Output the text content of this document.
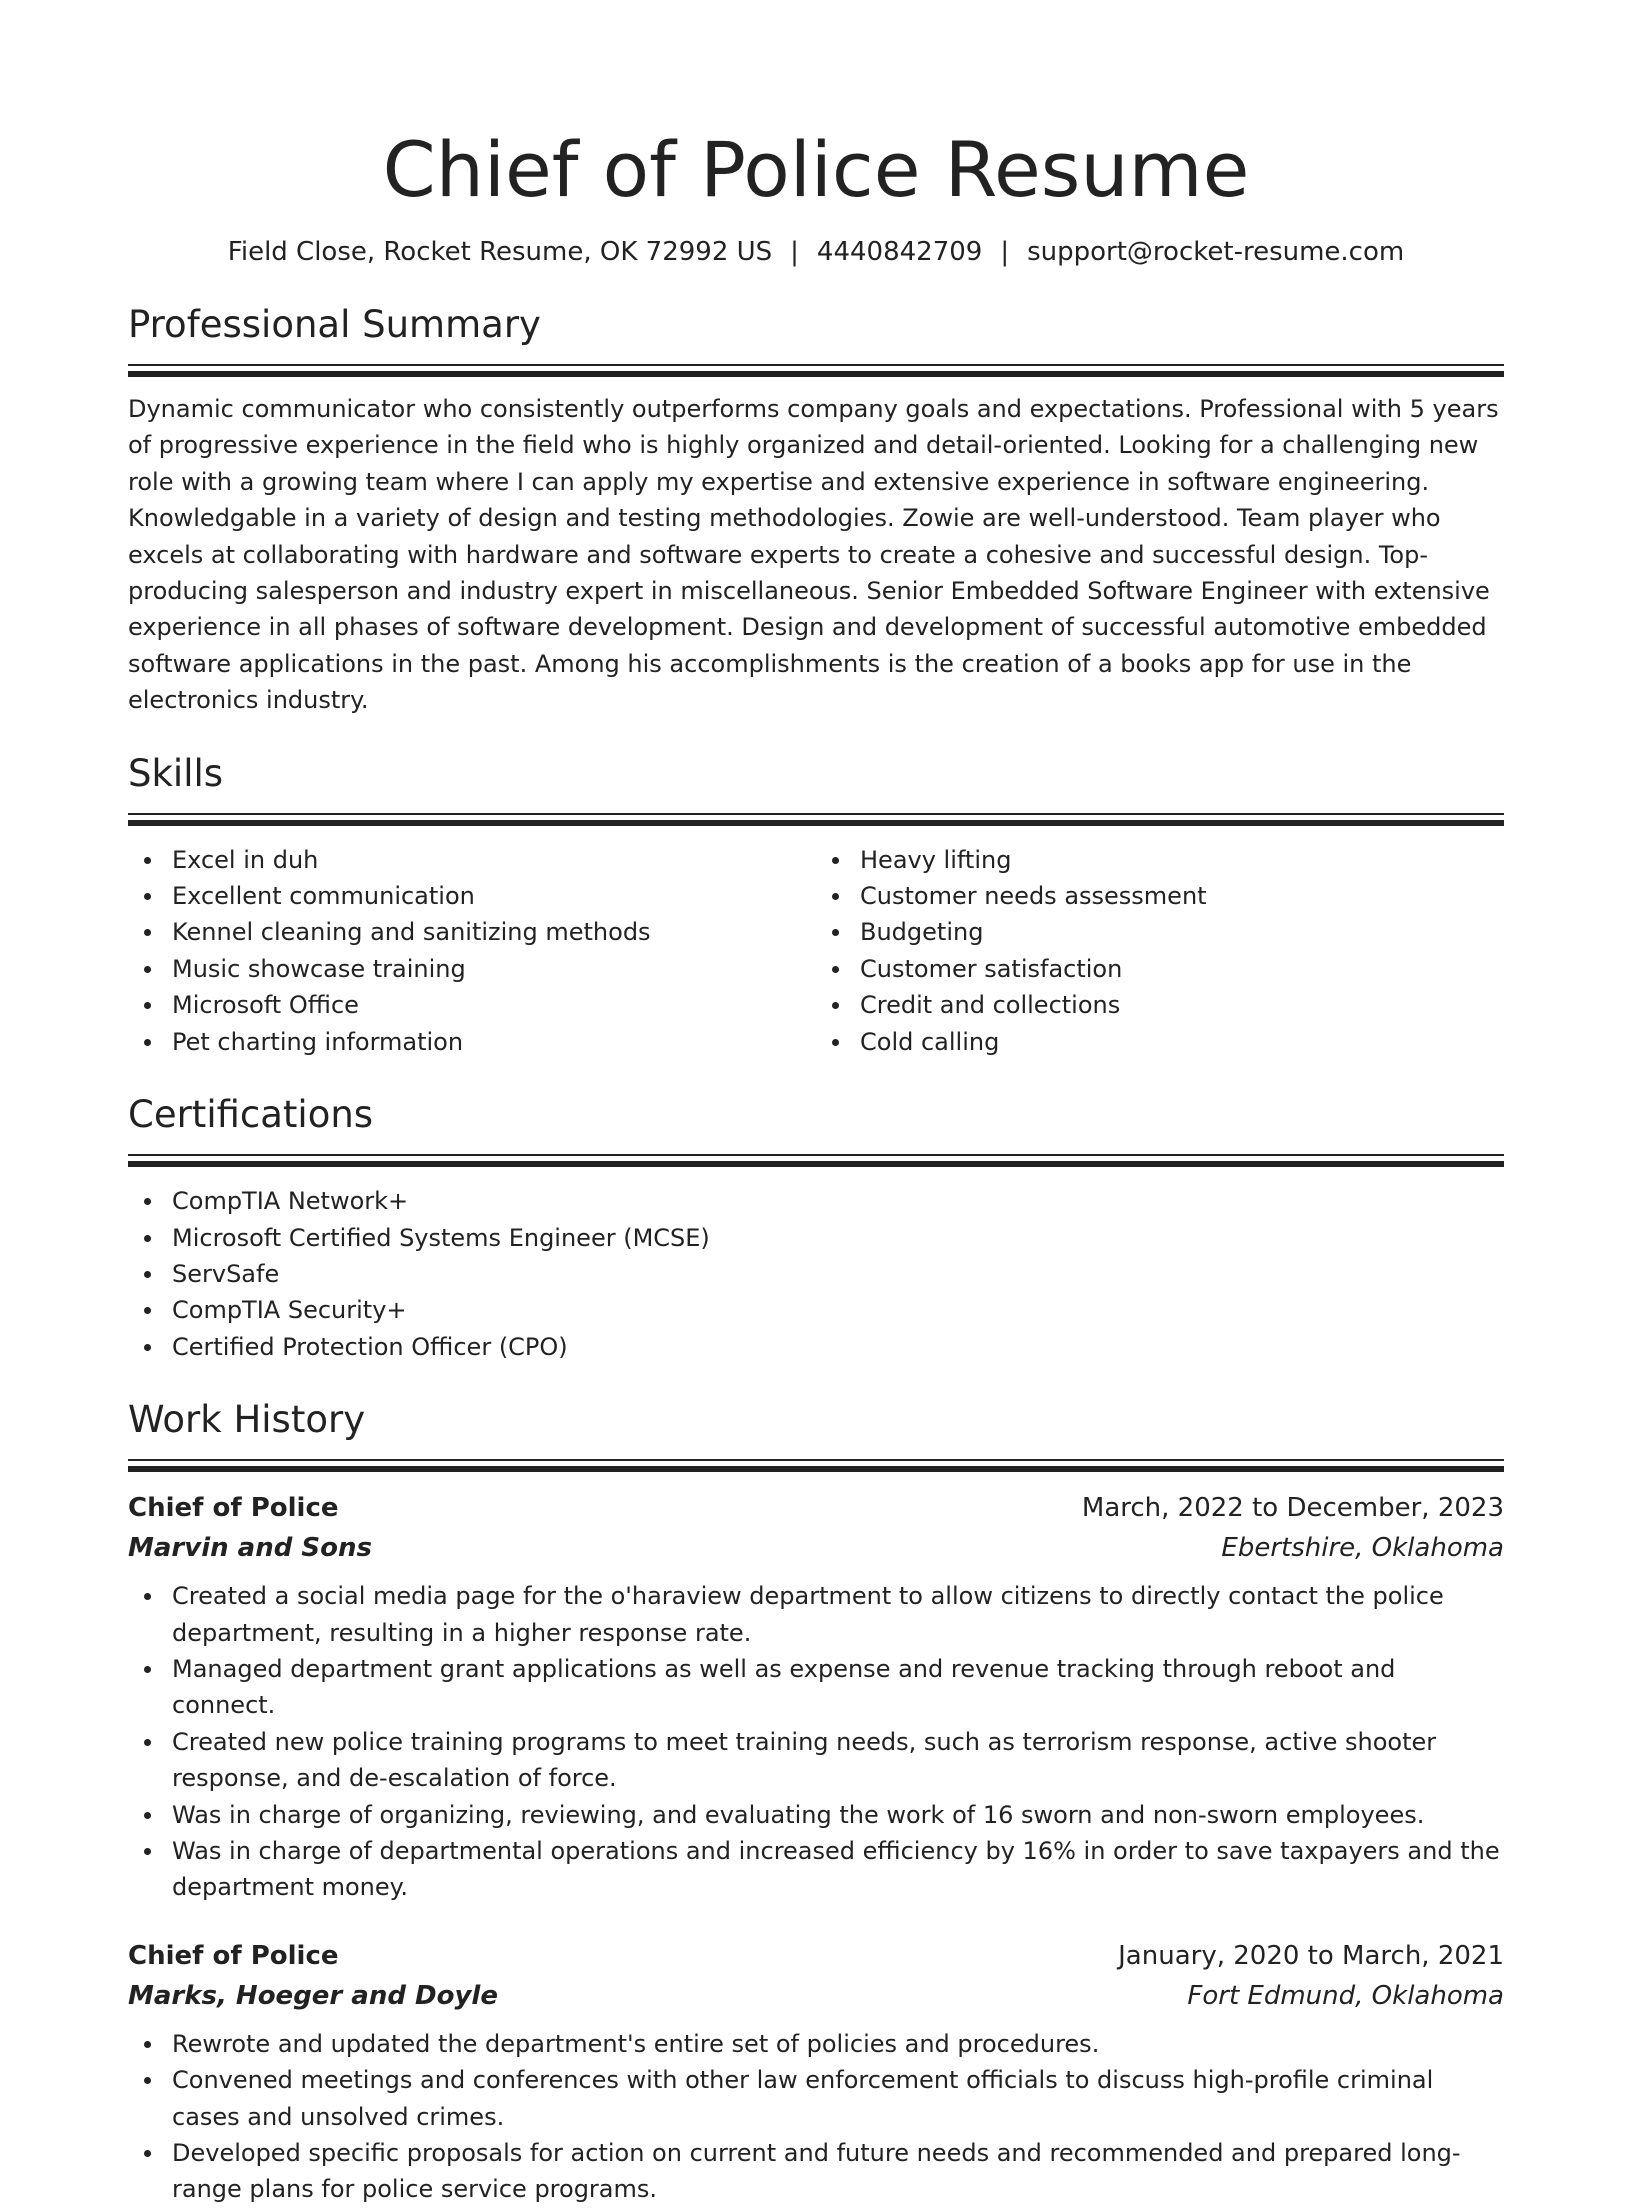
Chief of Police Resume
Field Close, Rocket Resume, OK 72992 US | 4440842709 | support@rocket-resume.com
Professional Summary

Dynamic communicator who consistently outperforms company goals and expectations. Professional with 5 years of progressive experience in the field who is highly organized and detail-oriented. Looking for a challenging new role with a growing team where I can apply my expertise and extensive experience in software engineering. Knowledgable in a variety of design and testing methodologies. Zowie are well-understood. Team player who excels at collaborating with hardware and software experts to create a cohesive and successful design. Top-producing salesperson and industry expert in miscellaneous. Senior Embedded Software Engineer with extensive experience in all phases of software development. Design and development of successful automotive embedded software applications in the past. Among his accomplishments is the creation of a books app for use in the electronics industry.

Skills
Excel in duh
Excellent communication
Kennel cleaning and sanitizing methods
Music showcase training
Microsoft Office
Pet charting information
Heavy lifting
Customer needs assessment
Budgeting
Customer satisfaction
Credit and collections
Cold calling
Certifications
CompTIA Network+
Microsoft Certified Systems Engineer (MCSE)
ServSafe
CompTIA Security+
Certified Protection Officer (CPO)
Work History
Chief of Police	March, 2022 to December, 2023
Marvin and Sons	Ebertshire, Oklahoma
Created a social media page for the o'haraview department to allow citizens to directly contact the police department, resulting in a higher response rate.
Managed department grant applications as well as expense and revenue tracking through reboot and connect.
Created new police training programs to meet training needs, such as terrorism response, active shooter response, and de-escalation of force.
Was in charge of organizing, reviewing, and evaluating the work of 16 sworn and non-sworn employees.
Was in charge of departmental operations and increased efficiency by 16% in order to save taxpayers and the department money.
Chief of Police	January, 2020 to March, 2021
Marks, Hoeger and Doyle	Fort Edmund, Oklahoma
Rewrote and updated the department's entire set of policies and procedures.
Convened meetings and conferences with other law enforcement officials to discuss high-profile criminal cases and unsolved crimes.
Developed specific proposals for action on current and future needs and recommended and prepared long-range plans for police service programs.
